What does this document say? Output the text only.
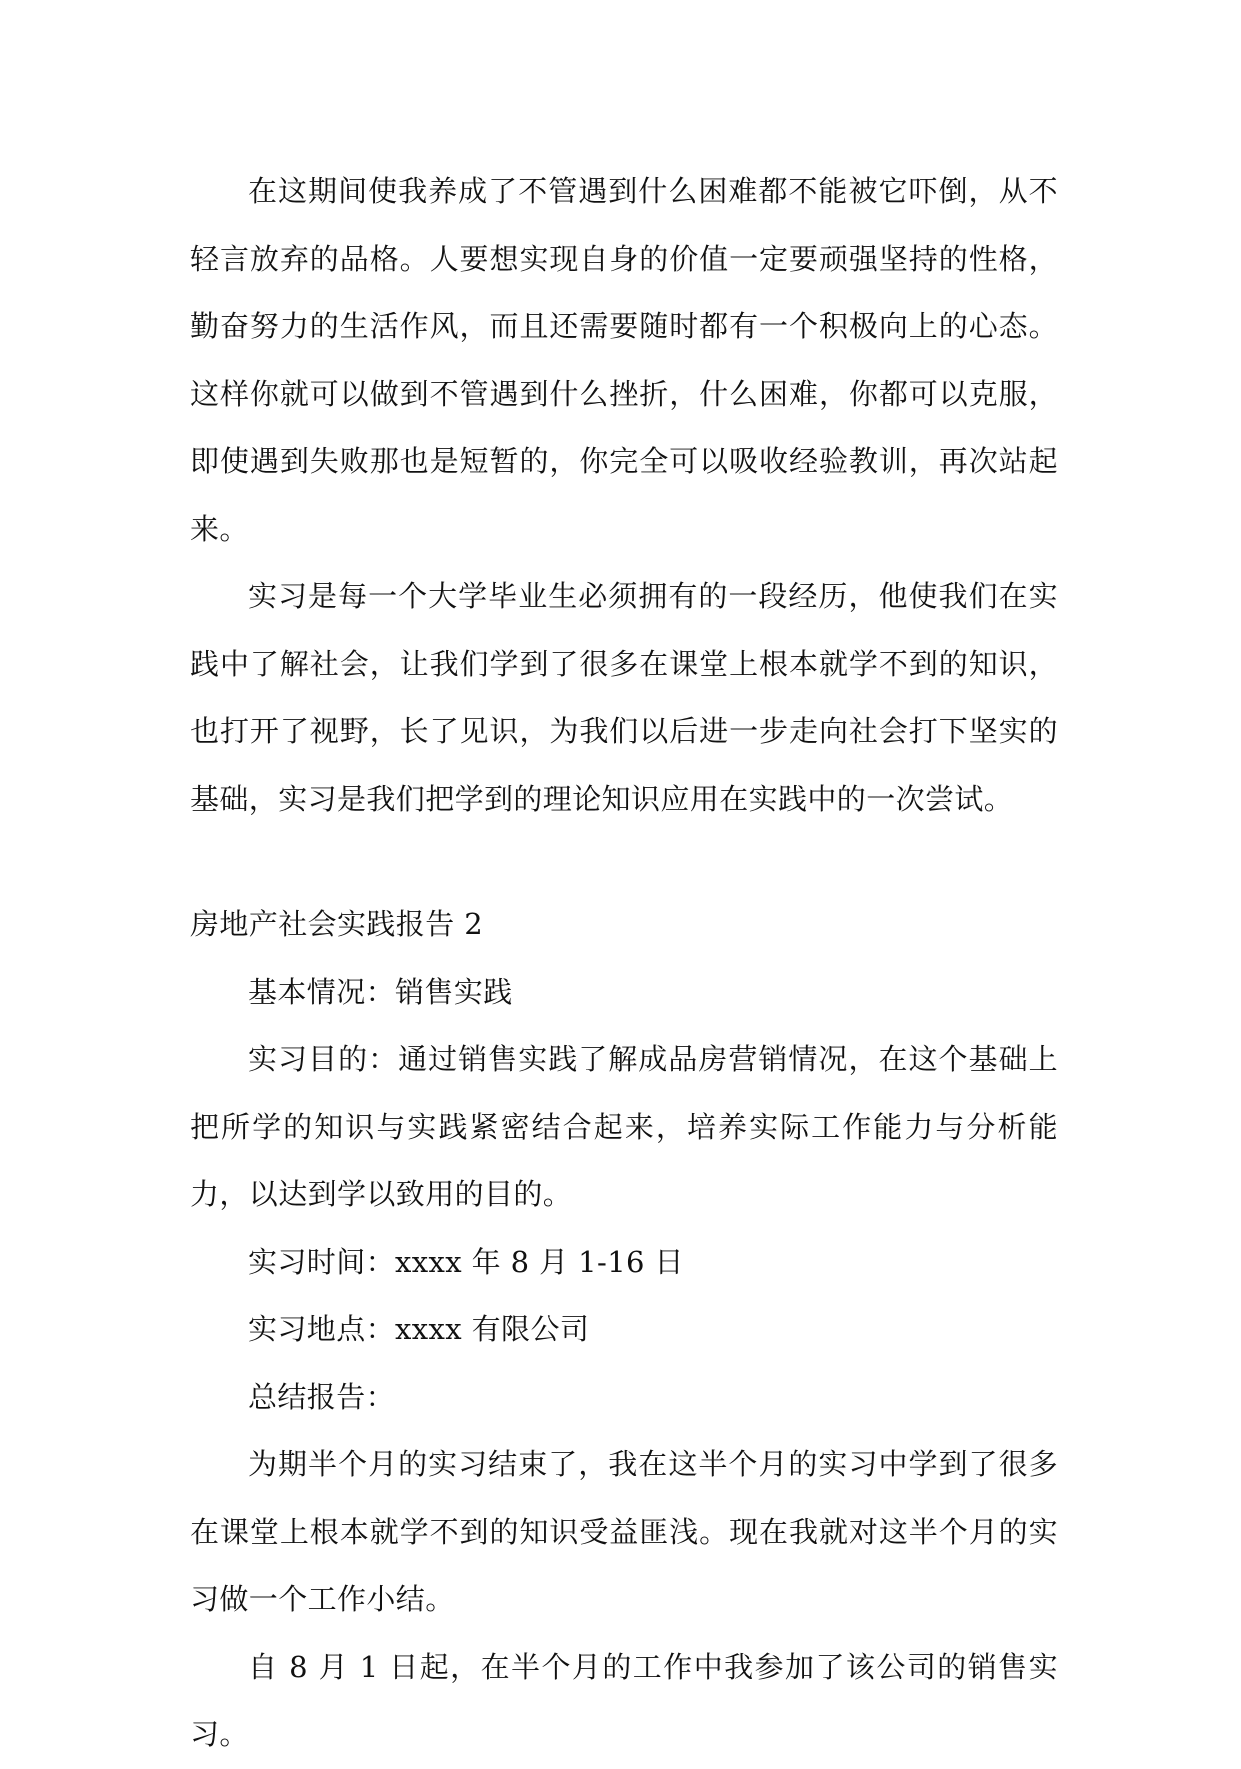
在这期间使我养成了不管遇到什么困难都不能被它吓倒，从不轻言放弃的品格。人要想实现自身的价值一定要顽强坚持的性格，勤奋努力的生活作风，而且还需要随时都有一个积极向上的心态。这样你就可以做到不管遇到什么挫折，什么困难，你都可以克服，即使遇到失败那也是短暂的，你完全可以吸收经验教训，再次站起来。

实习是每一个大学毕业生必须拥有的一段经历，他使我们在实践中了解社会，让我们学到了很多在课堂上根本就学不到的知识，也打开了视野，长了见识，为我们以后进一步走向社会打下坚实的基础，实习是我们把学到的理论知识应用在实践中的一次尝试。

房地产社会实践报告 2

基本情况：销售实践

实习目的：通过销售实践了解成品房营销情况，在这个基础上把所学的知识与实践紧密结合起来，培养实际工作能力与分析能力，以达到学以致用的目的。

实习时间：xxxx 年 8 月 1-16 日

实习地点：xxxx 有限公司

总结报告：

为期半个月的实习结束了，我在这半个月的实习中学到了很多在课堂上根本就学不到的知识受益匪浅。现在我就对这半个月的实习做一个工作小结。

自 8 月 1 日起，在半个月的工作中我参加了该公司的销售实习。
